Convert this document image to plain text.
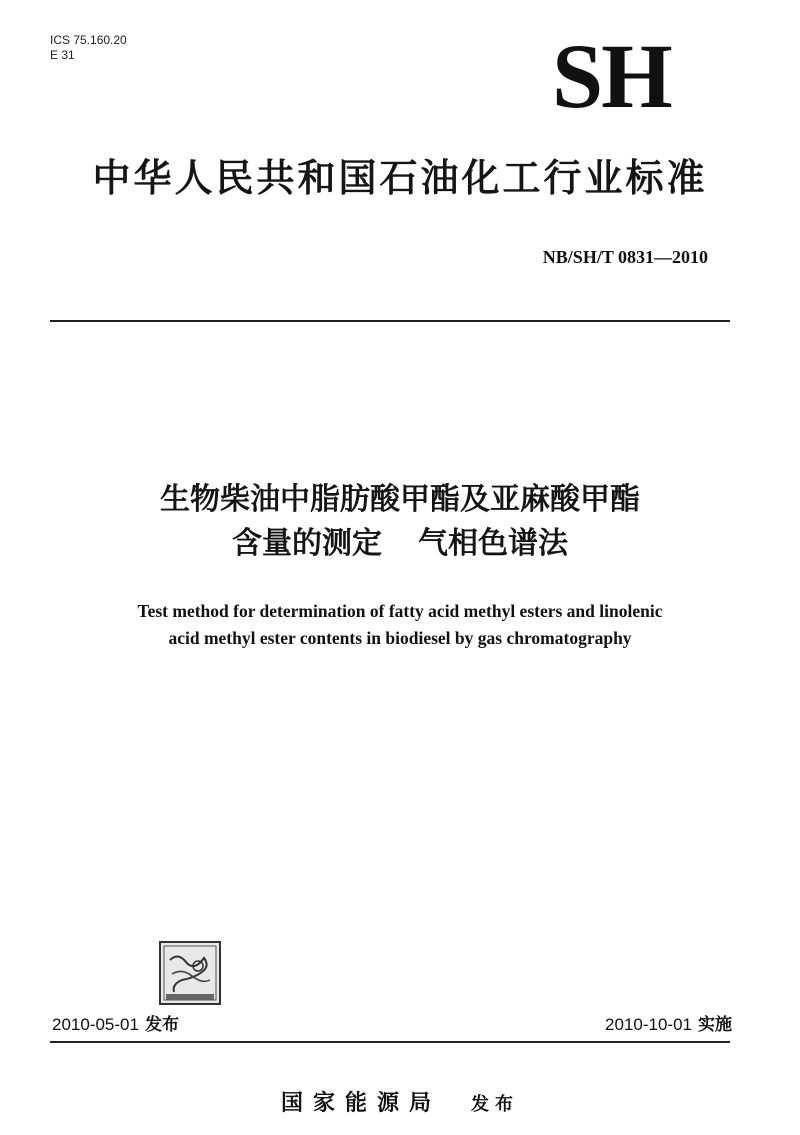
ICS 75.160.20
E 31	SH
中华人民共和国石油化工行业标准
NB/SH/T 0831—2010
生物柴油中脂肪酸甲酯及亚麻酸甲酯
含量的测定 气相色谱法
Test method for determination of fatty acid methyl esters and linolenic
acid methyl ester contents in biodiesel by gas chromatography
2010-05-01 发布	2010-10-01 实施
国家能源局 发布
